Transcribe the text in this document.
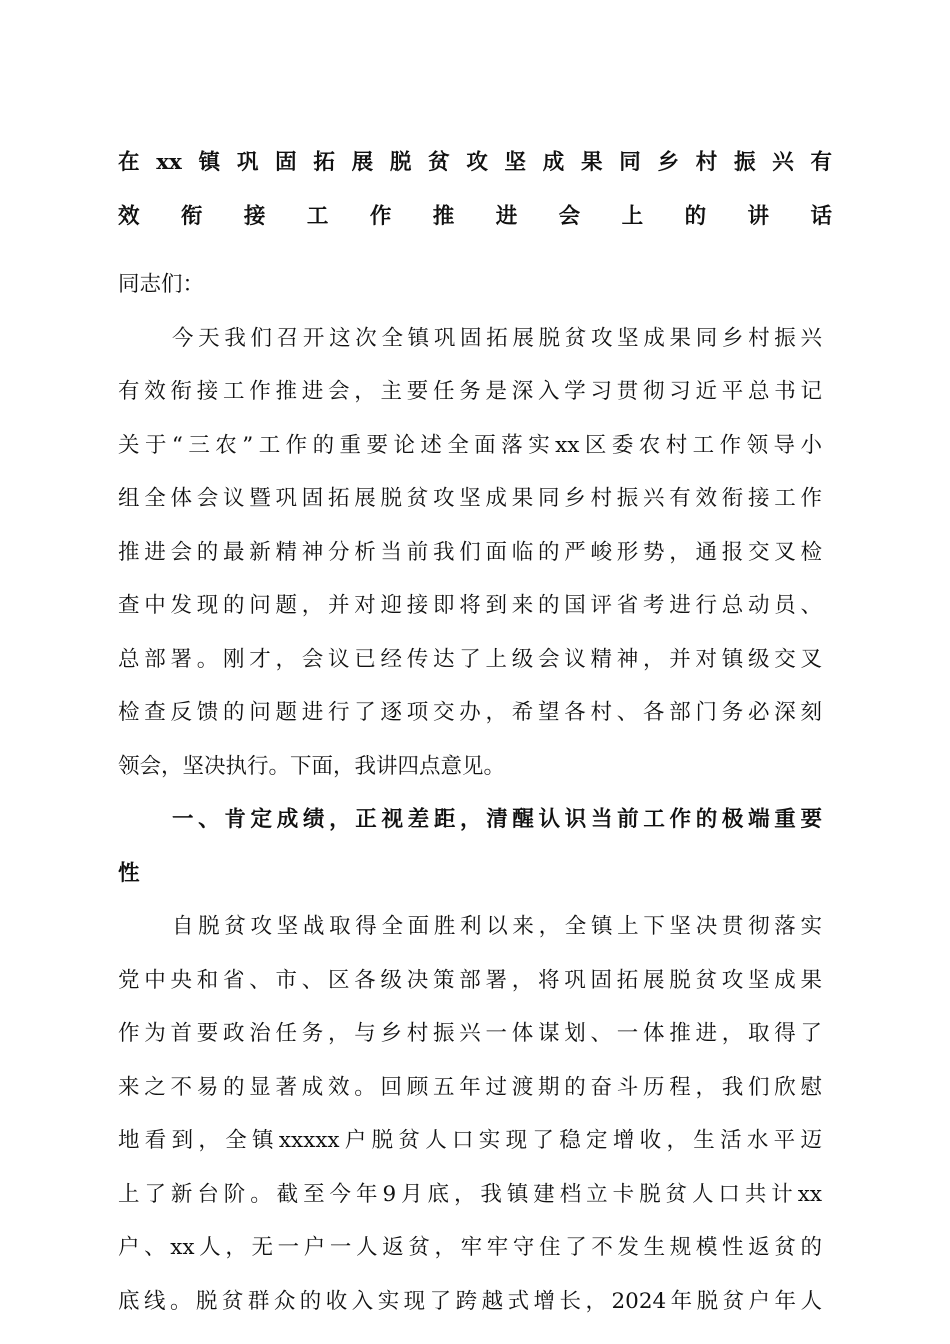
在xx镇巩固拓展脱贫攻坚成果同乡村振兴有
效衔接工作推进会上的讲话
同志们：
今天我们召开这次全镇巩固拓展脱贫攻坚成果同乡村振兴
有效衔接工作推进会，主要任务是深入学习贯彻习近平总书记
关于“三农”工作的重要论述全面落实xx区委农村工作领导小
组全体会议暨巩固拓展脱贫攻坚成果同乡村振兴有效衔接工作
推进会的最新精神分析当前我们面临的严峻形势，通报交叉检
查中发现的问题，并对迎接即将到来的国评省考进行总动员、
总部署。刚才，会议已经传达了上级会议精神，并对镇级交叉
检查反馈的问题进行了逐项交办，希望各村、各部门务必深刻
领会，坚决执行。下面，我讲四点意见。
一、肯定成绩，正视差距，清醒认识当前工作的极端重要
性
自脱贫攻坚战取得全面胜利以来，全镇上下坚决贯彻落实
党中央和省、市、区各级决策部署，将巩固拓展脱贫攻坚成果
作为首要政治任务，与乡村振兴一体谋划、一体推进，取得了
来之不易的显著成效。回顾五年过渡期的奋斗历程，我们欣慰
地看到，全镇xxxxx户脱贫人口实现了稳定增收，生活水平迈
上了新台阶。截至今年9月底，我镇建档立卡脱贫人口共计xx
户、xx人，无一户一人返贫，牢牢守住了不发生规模性返贫的
底线。脱贫群众的收入实现了跨越式增长，2024年脱贫户年人
